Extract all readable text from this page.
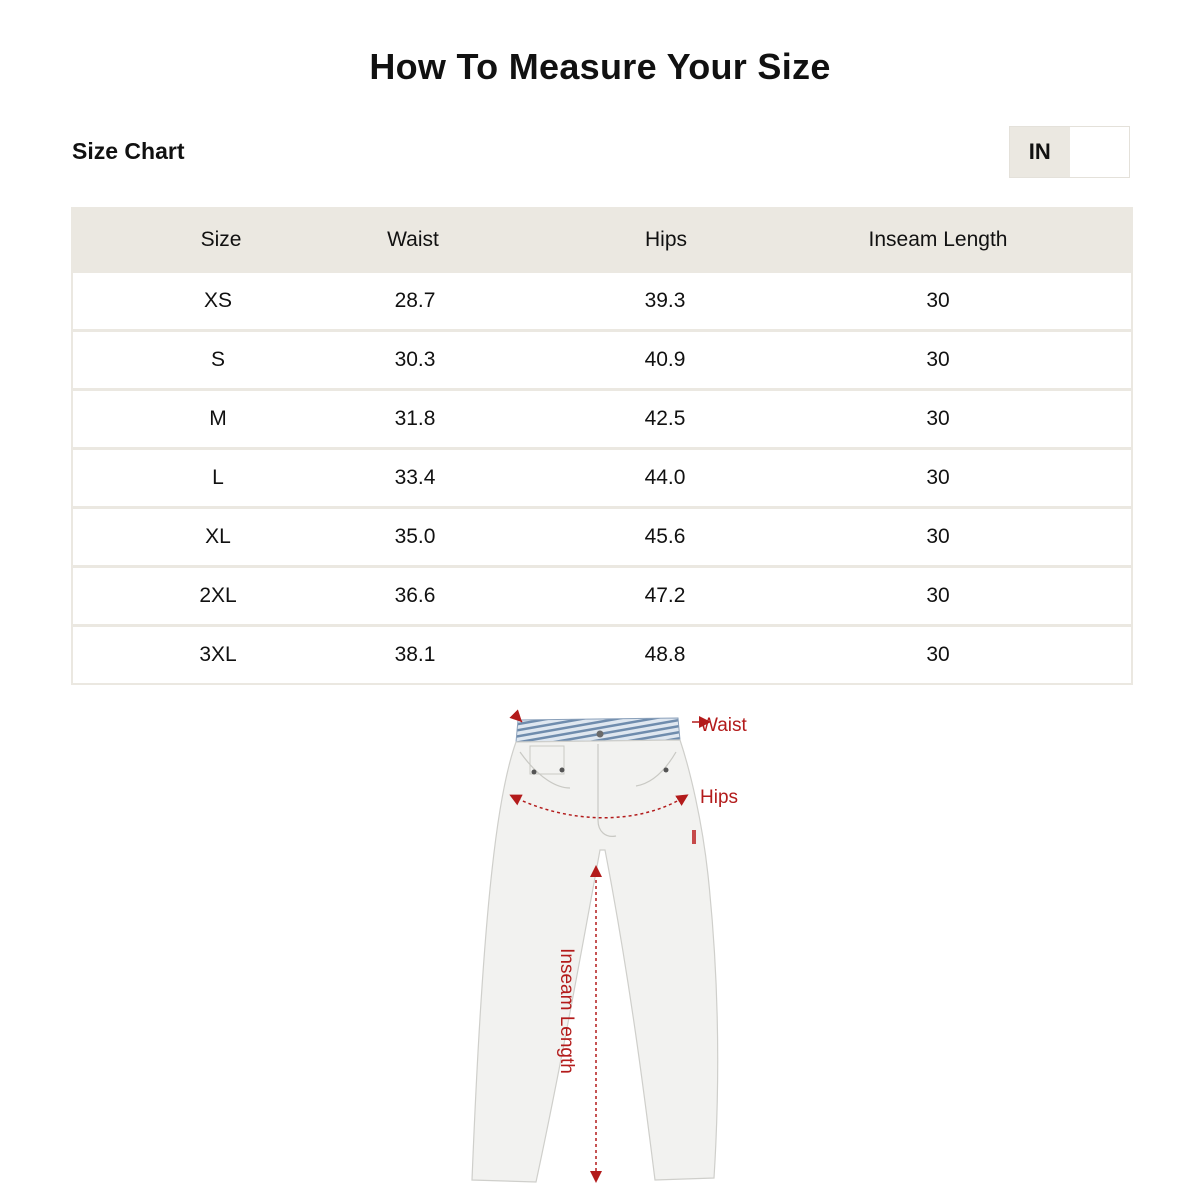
How To Measure Your Size
Size Chart	IN
Size	Waist	Hips	Inseam Length
XS	28.7	39.3	30
S	30.3	40.9	30
M	31.8	42.5	30
L	33.4	44.0	30
XL	35.0	45.6	30
2XL	36.6	47.2	30
3XL	38.1	48.8	30
Waist
Hips
Inseam Length
